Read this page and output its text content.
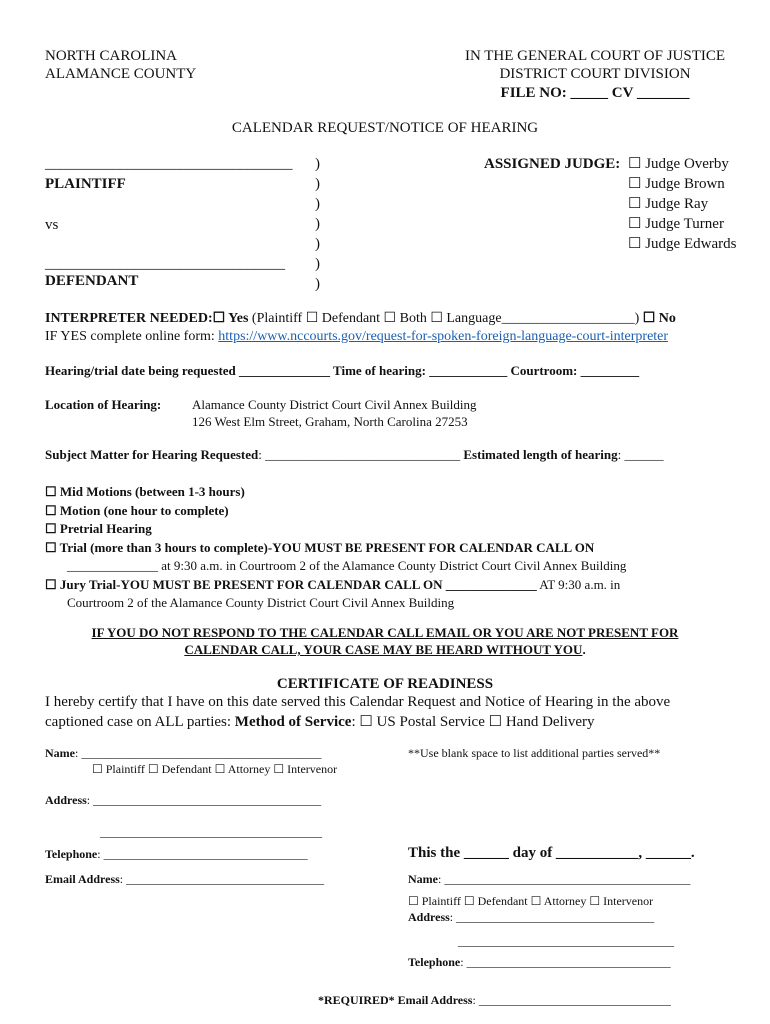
NORTH CAROLINA
ALAMANCE COUNTY
IN THE GENERAL COURT OF JUSTICE
DISTRICT COURT DIVISION
FILE NO: _____ CV _______
CALENDAR REQUEST/NOTICE OF HEARING
_________________________________
PLAINTIFF
vs
________________________________
DEFENDANT
)
)
)
)
)
)
)
ASSIGNED JUDGE: ☐ Judge Overby
☐ Judge Brown
☐ Judge Ray
☐ Judge Turner
☐ Judge Edwards
INTERPRETER NEEDED:☐ Yes (Plaintiff ☐ Defendant ☐ Both ☐ Language___________________) ☐ No
IF YES complete online form: https://www.nccourts.gov/request-for-spoken-foreign-language-court-interpreter
Hearing/trial date being requested ______________ Time of hearing: ____________ Courtroom: _________
Location of Hearing: Alamance County District Court Civil Annex Building
126 West Elm Street, Graham, North Carolina 27253
Subject Matter for Hearing Requested: ______________________________ Estimated length of hearing: ______
☐ Mid Motions (between 1-3 hours)
☐ Motion (one hour to complete)
☐ Pretrial Hearing
☐ Trial (more than 3 hours to complete)-YOU MUST BE PRESENT FOR CALENDAR CALL ON
______________ at 9:30 a.m. in Courtroom 2 of the Alamance County District Court Civil Annex Building
☐ Jury Trial-YOU MUST BE PRESENT FOR CALENDAR CALL ON ______________ AT 9:30 a.m. in
Courtroom 2 of the Alamance County District Court Civil Annex Building
IF YOU DO NOT RESPOND TO THE CALENDAR CALL EMAIL OR YOU ARE NOT PRESENT FOR
CALENDAR CALL, YOUR CASE MAY BE HEARD WITHOUT YOU.
CERTIFICATE OF READINESS
I hereby certify that I have on this date served this Calendar Request and Notice of Hearing in the above
captioned case on ALL parties: Method of Service: ☐ US Postal Service ☐ Hand Delivery
Name: ________________________________________
☐ Plaintiff ☐ Defendant ☐ Attorney ☐ Intervenor
Address: ______________________________________
_____________________________________
Telephone: __________________________________
Email Address: _________________________________
**Use blank space to list additional parties served**
This the ______ day of ___________, ______.
Name: _________________________________________
☐ Plaintiff ☐ Defendant ☐ Attorney ☐ Intervenor
Address: _________________________________
____________________________________
Telephone: __________________________________
*REQUIRED* Email Address: ________________________________
